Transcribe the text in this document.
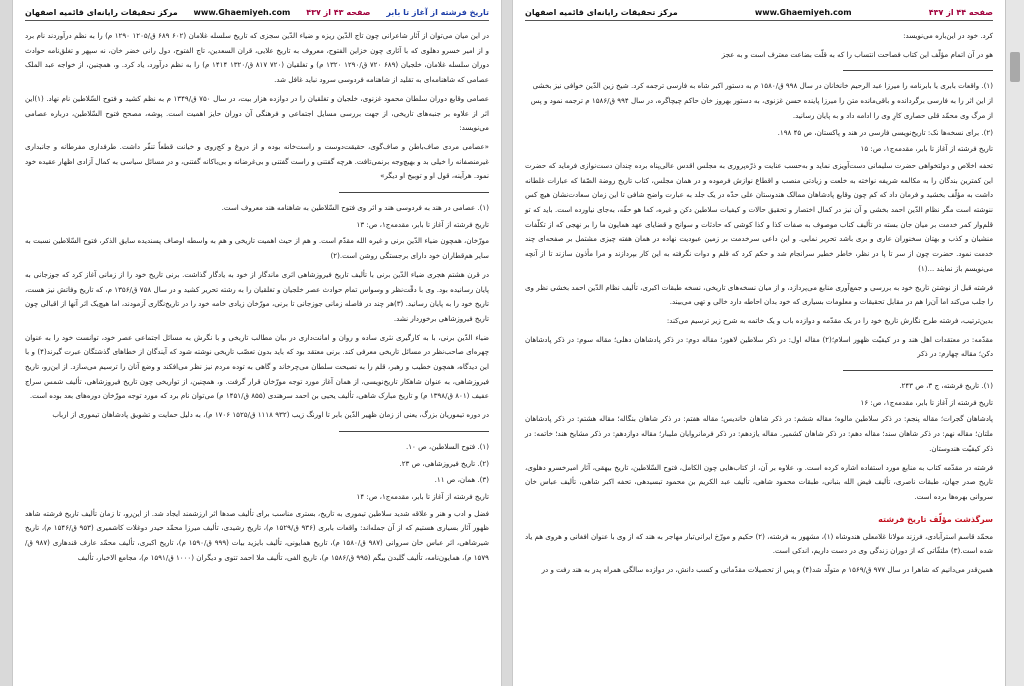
تاریخ فرشته از آغاز تا بابر
صفحه ۴۳ از ۴۳۷
www.Ghaemiyeh.com
مرکز تحقیقات رایانه‌ای قائمیه اصفهان

در این میان می‌توان از آثار شاعرانی چون تاج الدّین ریزه و ضیاء الدّین سجزی که تاریخ سلسله غلامان (۶۰۲ ۶۸۹ ق/۱۲۰۵ ۱۲۹۰ م) را به نظم درآوردند نام برد و از امیر خسرو دهلوی که با آثاری چون خزاین الفتوح، معروف به تاریخ علایی، قران السعدین، تاج الفتوح، دول رانی خضر خان، نه سپهر و تغلق‌نامه حوادث دوران سلسله غلامان، خلجیان (۶۸۹ ۷۲۰ ق/۱۲۹۰ ۱۳۲۰ م) و تغلقیان (۷۲۰ ۸۱۷ ق/۱۳۲۰ ۱۴۱۴ م) را به نظم درآورد، یاد کرد. و، همچنین، از خواجه عبد الملک عصامی که شاهنامه‌ای به تقلید از شاهنامه فردوسی سرود نباید غافل شد.

عصامی وقایع دوران سلطان محمود غزنوی، خلجیان و تغلقیان را در دوازده هزار بیت، در سال ۷۵۰ ق/۱۳۴۹ م به نظم کشید و فتوح السّلاطین نام نهاد. (۱)این اثر از علاوه بر جنبه‌های تاریخی، از جهت بررسی مسایل اجتماعی و فرهنگی آن دوران حایز اهمیت است. پوشه، مصحح فتوح السّلاطین، درباره عصامی می‌نویسد:

«عصامی مردی صاف‌باطن و صاف‌گوی، حقیقت‌دوست و راست‌خانه بوده و از دروغ و کج‌روی و خیانت قطعاً تنفّر داشت. طرفداری مفرطانه و جانبداری غیرمنصفانه را خیلی بد و بهیچ‌وجه برنمی‌تافت. هرچه گفتنی و راست گفتنی و بی‌غرضانه و بی‌باکانه گفتنی، و در مسائل سیاسی به کمال آزادی اظهار عقیده خود نمود. هرآینه، قول او و توبیخ او دیگر»

(۱). عصامی در هند به فردوسی هند و اثر وی فتوح السّلاطین به شاهنامه هند معروف است.

تاریخ فرشته از آغاز تا بابر، مقدمه‌ج‌۱، ص: ۱۳

مورّخان، همچون ضیاء الدّین برنی و غیره الله مقدّم است. و هم از حیث اهمیت تاریخی و هم به واسطه اوصاف پسندیده سایق الذکر، فتوح السّلاطین نسبت به سایر هم‌قطاران خود دارای برجستگی روشن است.(۲)

در قرن هشتم هجری ضیاء الدّین برنی با تألیف تاریخ فیروزشاهی اثری ماندگار از خود به یادگار گذاشت. برنی تاریخ خود را از زمانی آغاز کرد که جوزجانی به پایان رسانیده بود. وی با دقّت‌نظر و وسواس تمام حوادث عصر خلجیان و تغلقیان را به رشته تحریر کشید و در سال ۷۵۸ ق/۱۳۵۶ م، که تاریخ وفاتش نیز هست، تاریخ خود را به پایان رسانید. (۳)هر چند در فاصله زمانی جوزجانی تا برنی، مورّخان زیادی خامه خود را در تاریخ‌نگاری آزمودند، اما هیچ‌یک اثر آنها از اقبالی چون تاریخ فیروزشاهی برخوردار نشد.

ضیاء الدّین برنی، با به کارگیری نثری ساده و روان و امانت‌داری در بیان مطالب تاریخی و با نگرش به مسائل اجتماعی عصر خود، توانست خود را به عنوان چهره‌ای صاحب‌نظر در مسائل تاریخی معرفی کند. برنی معتقد بود که باید بدون تعصّب تاریخی نوشته شود که آیندگان از خطاهای گذشتگان عبرت گیرند(۴) و با این دیدگاه، همچون خطیب و رهبر، قلم را به نصیحت سلطان می‌چرخاند و گاهی به توده مردم نیز نظر می‌افکند و وضع آنان را ترسیم می‌سازد. از این‌رو، تاریخ فیروزشاهی، به عنوان شاهکار تاریخ‌نویسی، از همان آغاز مورد توجه مورّخان قرار گرفت. و، همچنین، از تواریخی چون تاریخ فیروزشاهی، تألیف شمس سراج عفیف (۸۰۱ ق/۱۳۹۸ م) و تاریخ مبارک شاهی، تألیف یحیی بن احمد سرهندی (۸۵۵ ق/۱۴۵۱ م) می‌توان نام برد که مورد توجه مورّخان دوره‌های بعد بوده است.

در دوره تیموریان بزرگ، یعنی از زمان ظهیر الدّین بابر تا اورنگ زیب (۹۳۲ ۱۱۱۸ ق/۱۵۲۵ ۱۷۰۶ م)، به دلیل حمایت و تشویق پادشاهان تیموری از ارباب

(۱). فتوح السلاطین، ص ۱۰.

(۲). تاریخ فیروزشاهی، ص ۲۳.

(۳). همان، ص ۱۱.

تاریخ فرشته از آغاز تا بابر، مقدمه‌ج‌۱، ص: ۱۴

فضل و ادب و هنر و علاقه شدید سلاطین تیموری به تاریخ، بستری مناسب برای تألیف صدها اثر ارزشمند ایجاد شد. از این‌رو، تا زمان تألیف تاریخ فرشته شاهد ظهور آثار بسیاری هستیم که از آن جمله‌اند: واقعات بابری (۹۳۶ ق/۱۵۲۹ م)، تاریخ رشیدی، تألیف میرزا محمّد حیدر دوغلات کاشمیری (۹۵۳ ق/۱۵۴۶ م)، تاریخ شیرشاهی، اثر عباس خان سروانی (۹۸۷ ق/۱۵۸۰ م)، تاریخ همایونی، تألیف بایزید بیات (۹۹۹ ق/۱۵۹۰ م)، تاریخ اکبری، تألیف محمّد عارف قندهاری (۹۸۷ ق/۱۵۷۹ م)، همایون‌نامه، تألیف گلبدن بیگم (۹۹۵ ق/۱۵۸۶ م)، تاریخ الفی، تألیف ملا احمد تتوی و دیگران (۱۰۰۰ ق/۱۵۹۱ م)، مجامع الاخبار، تألیف

صفحه ۴۴ از ۴۳۷
www.Ghaemiyeh.com
مرکز تحقیقات رایانه‌ای قائمیه اصفهان

کرد. خود در این‌باره می‌نویسد:

هو در آن اتمام مؤلّف این کتاب فصاحت انتساب را که به قلّت بضاعت معترف است و به عجز

(۱). واقعات بابری یا بابرنامه را میرزا عبد الرحیم خانخانان در سال ۹۹۸ ق/۱۵۸۰ م به دستور اکبر شاه به فارسی ترجمه کرد. شیخ زین الدّین خوافی نیز بخشی از این اثر را به فارسی برگردانده و باقی‌مانده متن را میرزا پاینده حسن غزنوی، به دستور بهروز خان حاکم چیچاگره، در سال ۹۹۴ ق/۱۵۸۶ م ترجمه نمود و پس از مرگ وی محمّد قلی حصاری کارِ وی را ادامه داد و به پایان رسانید.

(۲). برای نسخه‌ها نک: تاریخ‌نویسی فارسی در هند و پاکستان، ص ۴۵ ۱۹۸.

تاریخ فرشته از آغاز تا بابر، مقدمه‌ج‌۱، ص: ۱۵

تحفه اخلاص و دولتخواهی حضرت سلیمانی دست‌آویزی نماید و به‌حسب عنایت و ذرّه‌پروری به مجلس اقدس عالی‌پناه برده چندان دست‌نوازی فرماید که حضرت این کمترین بندگان را به مکالمه شریفه نواخته به خلعت و زیادتی منصب و اقطاع نوازش فرموده و در همان مجلس، کتاب تاریخ روضة الصّفا که عبارات غلطانه داشت به مؤلّف بخشید و فرمان داد که کم چون وقایع پادشاهان ممالک هندوستان علی حدّه در یک جلد به عبارت واضح شافی تا این زمان سعادت‌نشان هیچ کس ننوشته است مگر نظام الدّین احمد بخشی و آن نیز در کمال اختصار و تحقیق حالات و کیفیات سلاطین دکن و غیره، کما هو حقّه، به‌جای نیاورده است. باید که تو قلم‌وار کمر خدمت بر میان جان بسته در تألیف کتاب موصوف به صفات کذا و کذا کوشی که حادثات و سوانح و قضایای عهد همایون ما را بر نهجی که از تکلّفات منشیان و کذب و بهتان سخنوران عاری و بری باشد تحریر نمایی. و این داعی سرخدمت بر زمین عبودیت نهاده در همان هفته چیزی مشتمل بر صفحه‌ای چند خدمت نمود. حضرت چون از سر تا پا در نظر، خاطر خطیر سرانجام شد و حکم کرد که قلم و دوات نگرفته به این کار بپردازند و مرا مأذون سازند تا از آنچه می‌نویسم باز نمایند ...(۱)

فرشته قبل از نوشتن تاریخ خود به بررسی و جمع‌آوری منابع می‌پردازد، و از میان نسخه‌های تاریخی، نسخه طبقات اکبری، تألیف نظام الدّین احمد بخشی نظر وی را جلب می‌کند اما آن‌را هم در مقابل تحقیقات و معلومات بسیاری که خود بدان احاطه دارد خالی و تهی می‌بیند.

بدین‌ترتیب، فرشته طرح نگارش تاریخ خود را در یک مقدّمه و دوازده باب و یک خاتمه به شرح زیر ترسیم می‌کند:

مقدّمه: در معتقدات اهل هند و در کیفیّت ظهور اسلام؛(۲) مقاله اول: در ذکر سلاطین لاهور؛ مقاله دوم: در ذکر پادشاهان دهلی؛ مقاله سوم: در ذکر پادشاهان دکن؛ مقاله چهارم: در ذکر

(۱). تاریخ فرشته، ج ۳، ص ۲۴۳.

تاریخ فرشته از آغاز تا بابر، مقدمه‌ج‌۱، ص: ۱۶

پادشاهان گجرات؛ مقاله پنجم: در ذکر سلاطین مالوه؛ مقاله ششم: در ذکر شاهان خاندیس؛ مقاله هفتم: در ذکر شاهان بنگاله؛ مقاله هشتم: در ذکر پادشاهان ملتان؛ مقاله نهم: در ذکر شاهان سند؛ مقاله دهم: در ذکر شاهان کشمیر. مقاله یازدهم: در ذکر فرمانروایان ملیبار؛ مقاله دوازدهم: در ذکر مشایخ هند؛ خاتمه: در ذکر کیفیّت هندوستان.

فرشته در مقدّمه کتاب به منابع مورد استفاده اشاره کرده است. و، علاوه بر آن، از کتاب‌هایی چون الکامل، فتوح السّلاطین، تاریخ بیهقی، آثار امیرخسرو دهلوی، تاریخ صدر جهان، طبقات ناصری، تألیف فیض الله بنبانی، طبقات محمود شاهی، تألیف عبد الکریم بن محمود تبسیدهی، تحفه اکبر شاهی، تألیف عباس خان سروانی بهره‌ها برده است.

سرگذشت مؤلّف تاریخ فرشته

محمّد قاسم استرآبادی، فرزند مولانا غلامعلی هندوشاه (۱)، مشهور به فرشته، (۲) حکیم و مورّخ ایرانی‌تبار مهاجر به هند که از وی با عنوان افغانی و هروی هم یاد شده است.(۳) ملتفّاتی که از دوران زندگی وی در دست داریم، اندکی است.

همین‌قدر می‌دانیم که شاهرا در سال ۹۷۷ ق/۱۵۶۹ م متولّد شد(۴) و پس از تحصیلات مقدّماتی و کسب دانش، در دوازده سالگی همراه پدر به هند رفت و در
